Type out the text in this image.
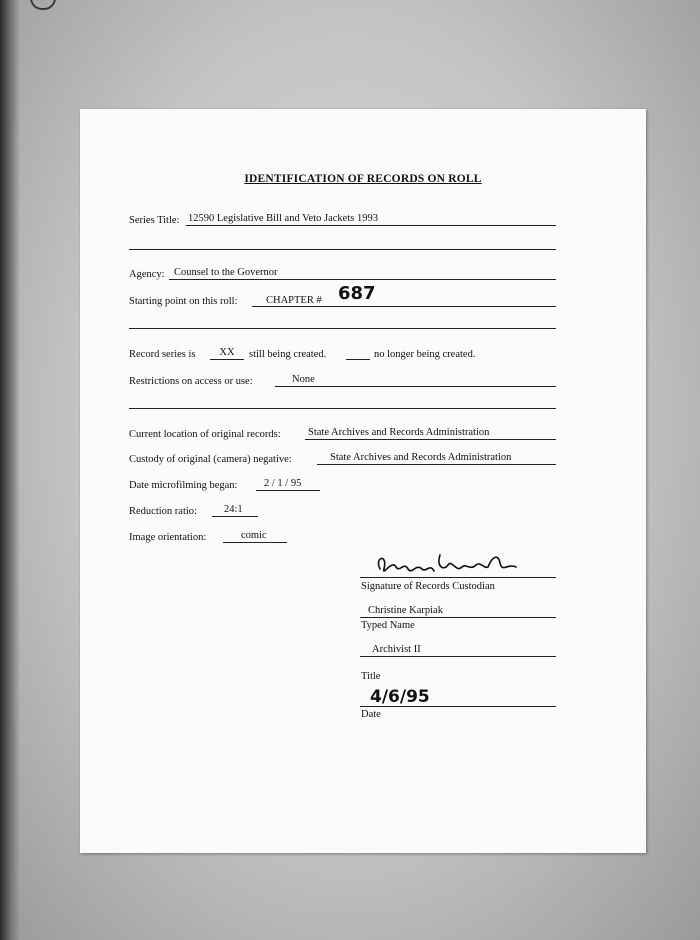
IDENTIFICATION OF RECORDS ON ROLL
Series Title: 12590 Legislative Bill and Veto Jackets 1993
Agency: Counsel to the Governor
Starting point on this roll:	CHAPTER # 687
Record series is	XX	still being created.	no longer being created.
Restrictions on access or use:	None
Current location of original records:	State Archives and Records Administration
Custody of original (camera) negative:	State Archives and Records Administration
Date microfilming began:	2 / 1 / 95
Reduction ratio:	24:1
Image orientation:	comic
Signature of Records Custodian
Christine Karpiak
Typed Name
Archivist II
Title
4/6/95
Date
